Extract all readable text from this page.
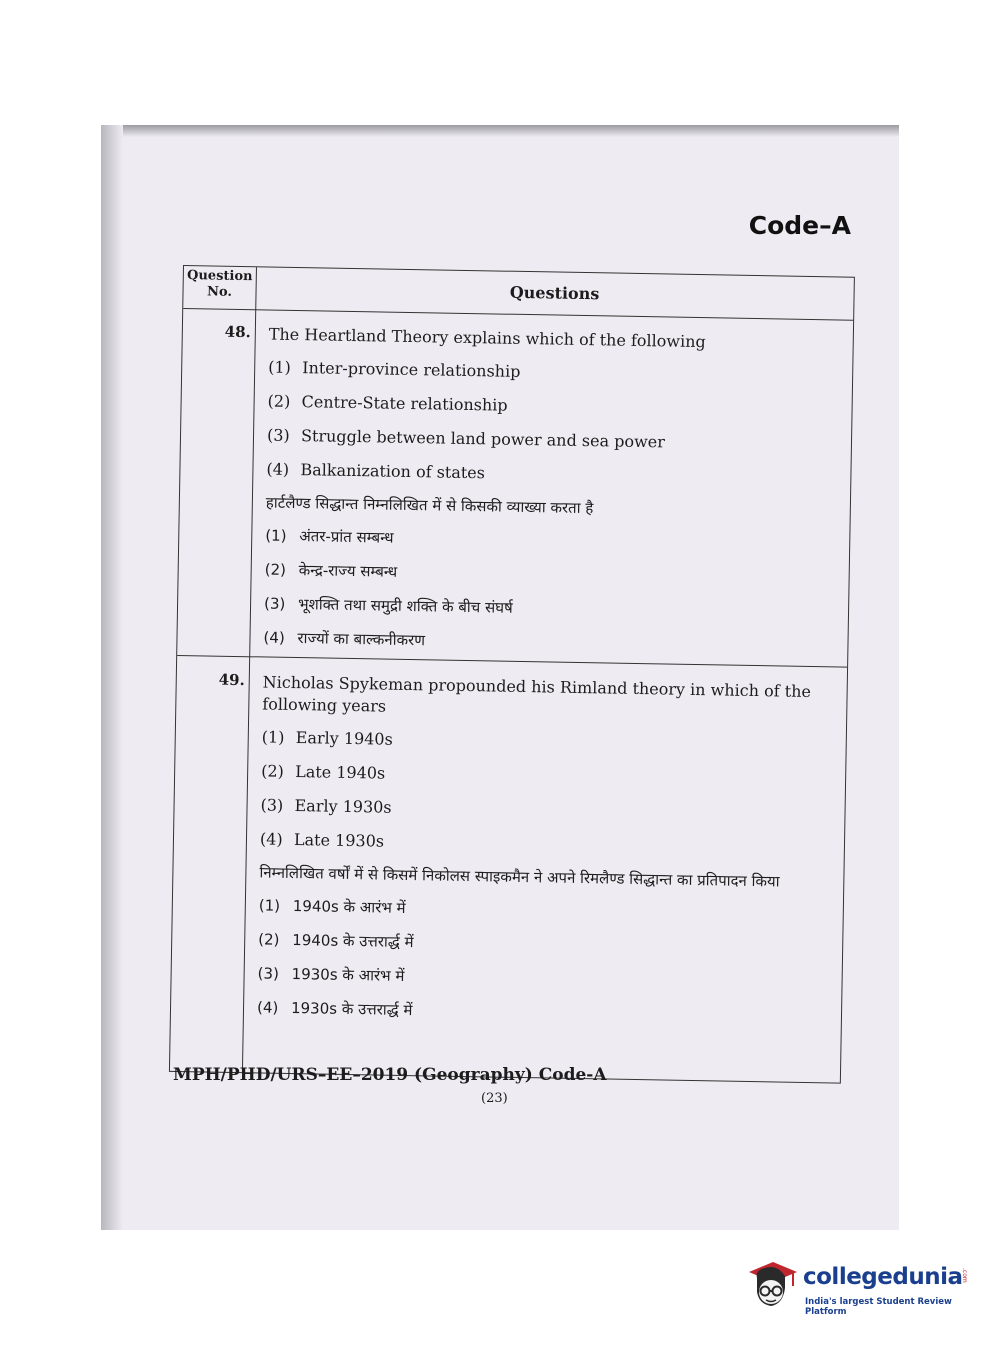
Code–A
Question No.	Questions
48. The Heartland Theory explains which of the following
(1) Inter-province relationship
(2) Centre-State relationship
(3) Struggle between land power and sea power
(4) Balkanization of states
हार्टलैण्ड सिद्धान्त निम्नलिखित में से किसकी व्याख्या करता है
(1) अंतर-प्रांत सम्बन्ध
(2) केन्द्र-राज्य सम्बन्ध
(3) भूशक्ति तथा समुद्री शक्ति के बीच संघर्ष
(4) राज्यों का बाल्कनीकरण
49. Nicholas Spykeman propounded his Rimland theory in which of the following years
(1) Early 1940s
(2) Late 1940s
(3) Early 1930s
(4) Late 1930s
निम्नलिखित वर्षों में से किसमें निकोलस स्पाइकमैन ने अपने रिमलैण्ड सिद्धान्त का प्रतिपादन किया
(1) 1940s के आरंभ में
(2) 1940s के उत्तरार्द्ध में
(3) 1930s के आरंभ में
(4) 1930s के उत्तरार्द्ध में
MPH/PHD/URS–EE–2019 (Geography) Code-A
(23)
collegedunia
.com
India's largest Student Review Platform
